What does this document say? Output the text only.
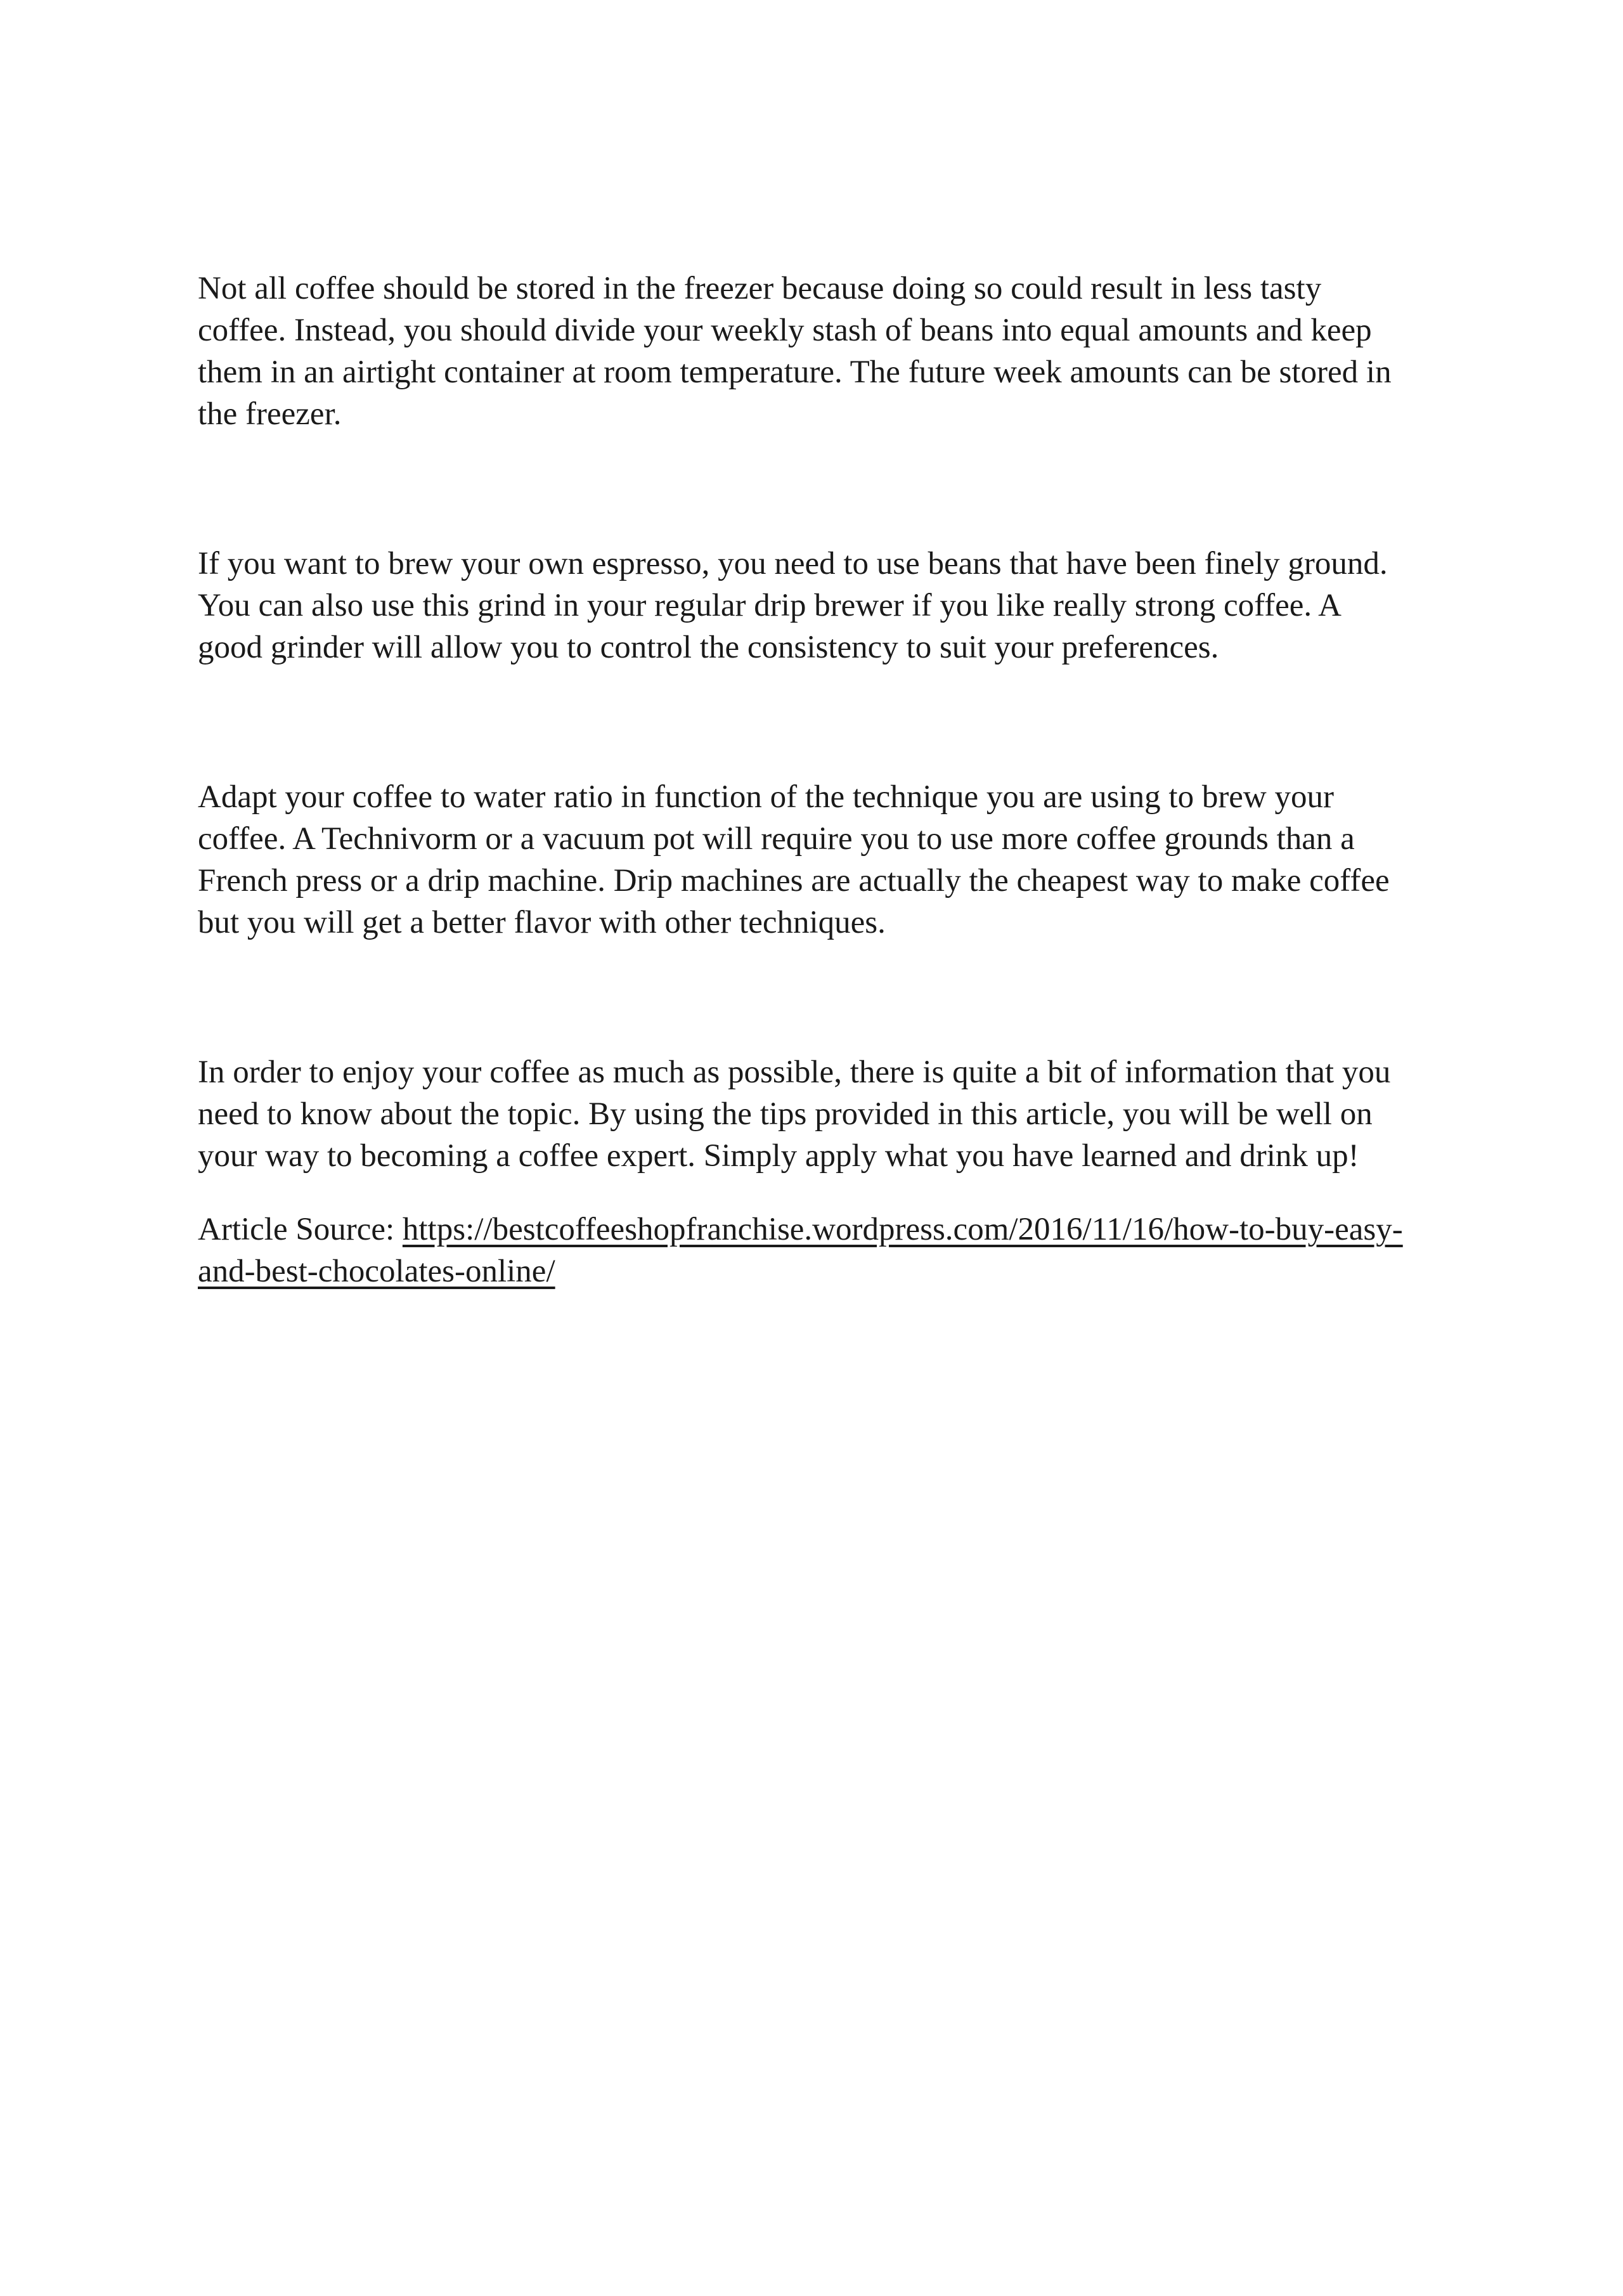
Not all coffee should be stored in the freezer because doing so could result in less tasty
coffee. Instead, you should divide your weekly stash of beans into equal amounts and keep
them in an airtight container at room temperature. The future week amounts can be stored in
the freezer.

If you want to brew your own espresso, you need to use beans that have been finely ground.
You can also use this grind in your regular drip brewer if you like really strong coffee. A
good grinder will allow you to control the consistency to suit your preferences.

Adapt your coffee to water ratio in function of the technique you are using to brew your
coffee. A Technivorm or a vacuum pot will require you to use more coffee grounds than a
French press or a drip machine. Drip machines are actually the cheapest way to make coffee
but you will get a better flavor with other techniques.

In order to enjoy your coffee as much as possible, there is quite a bit of information that you
need to know about the topic. By using the tips provided in this article, you will be well on
your way to becoming a coffee expert. Simply apply what you have learned and drink up!

Article Source: https://bestcoffeeshopfranchise.wordpress.com/2016/11/16/how-to-buy-easy-
and-best-chocolates-online/
